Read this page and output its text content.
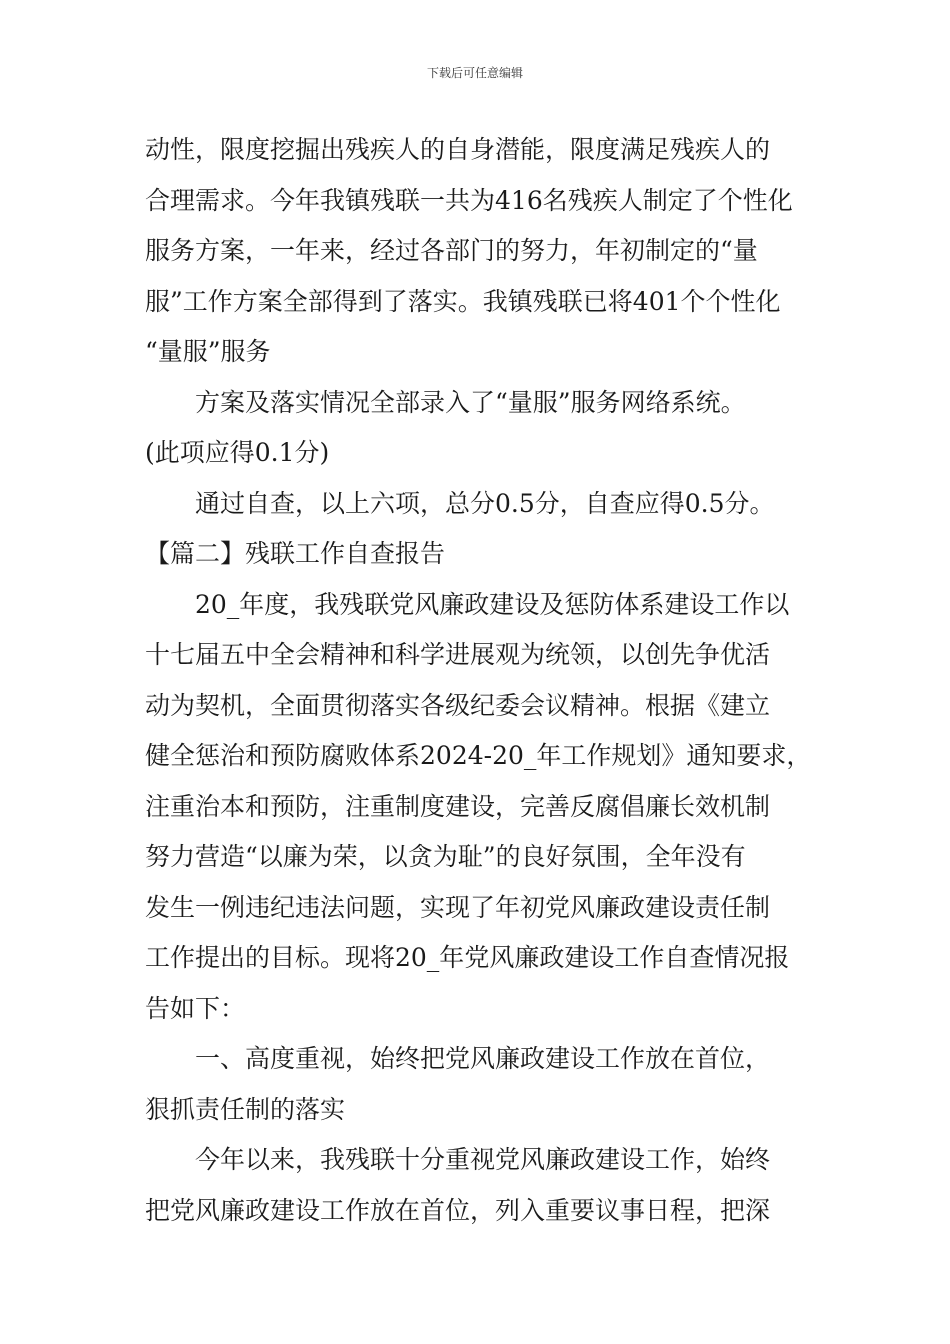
下载后可任意编辑
动性，限度挖掘出残疾人的自身潜能，限度满足残疾人的
合理需求。今年我镇残联一共为416名残疾人制定了个性化
服务方案，一年来，经过各部门的努力，年初制定的“量
服”工作方案全部得到了落实。我镇残联已将401个个性化
“量服”服务
方案及落实情况全部录入了“量服”服务网络系统。
(此项应得0.1分)
通过自查，以上六项，总分0.5分，自查应得0.5分。
【篇二】残联工作自查报告
20_年度，我残联党风廉政建设及惩防体系建设工作以
十七届五中全会精神和科学进展观为统领，以创先争优活
动为契机，全面贯彻落实各级纪委会议精神。根据《建立
健全惩治和预防腐败体系2024-20_年工作规划》通知要求，
注重治本和预防，注重制度建设，完善反腐倡廉长效机制
努力营造“以廉为荣，以贪为耻”的良好氛围，全年没有
发生一例违纪违法问题，实现了年初党风廉政建设责任制
工作提出的目标。现将20_年党风廉政建设工作自查情况报
告如下：
一、高度重视，始终把党风廉政建设工作放在首位，
狠抓责任制的落实
今年以来，我残联十分重视党风廉政建设工作，始终
把党风廉政建设工作放在首位，列入重要议事日程，把深
